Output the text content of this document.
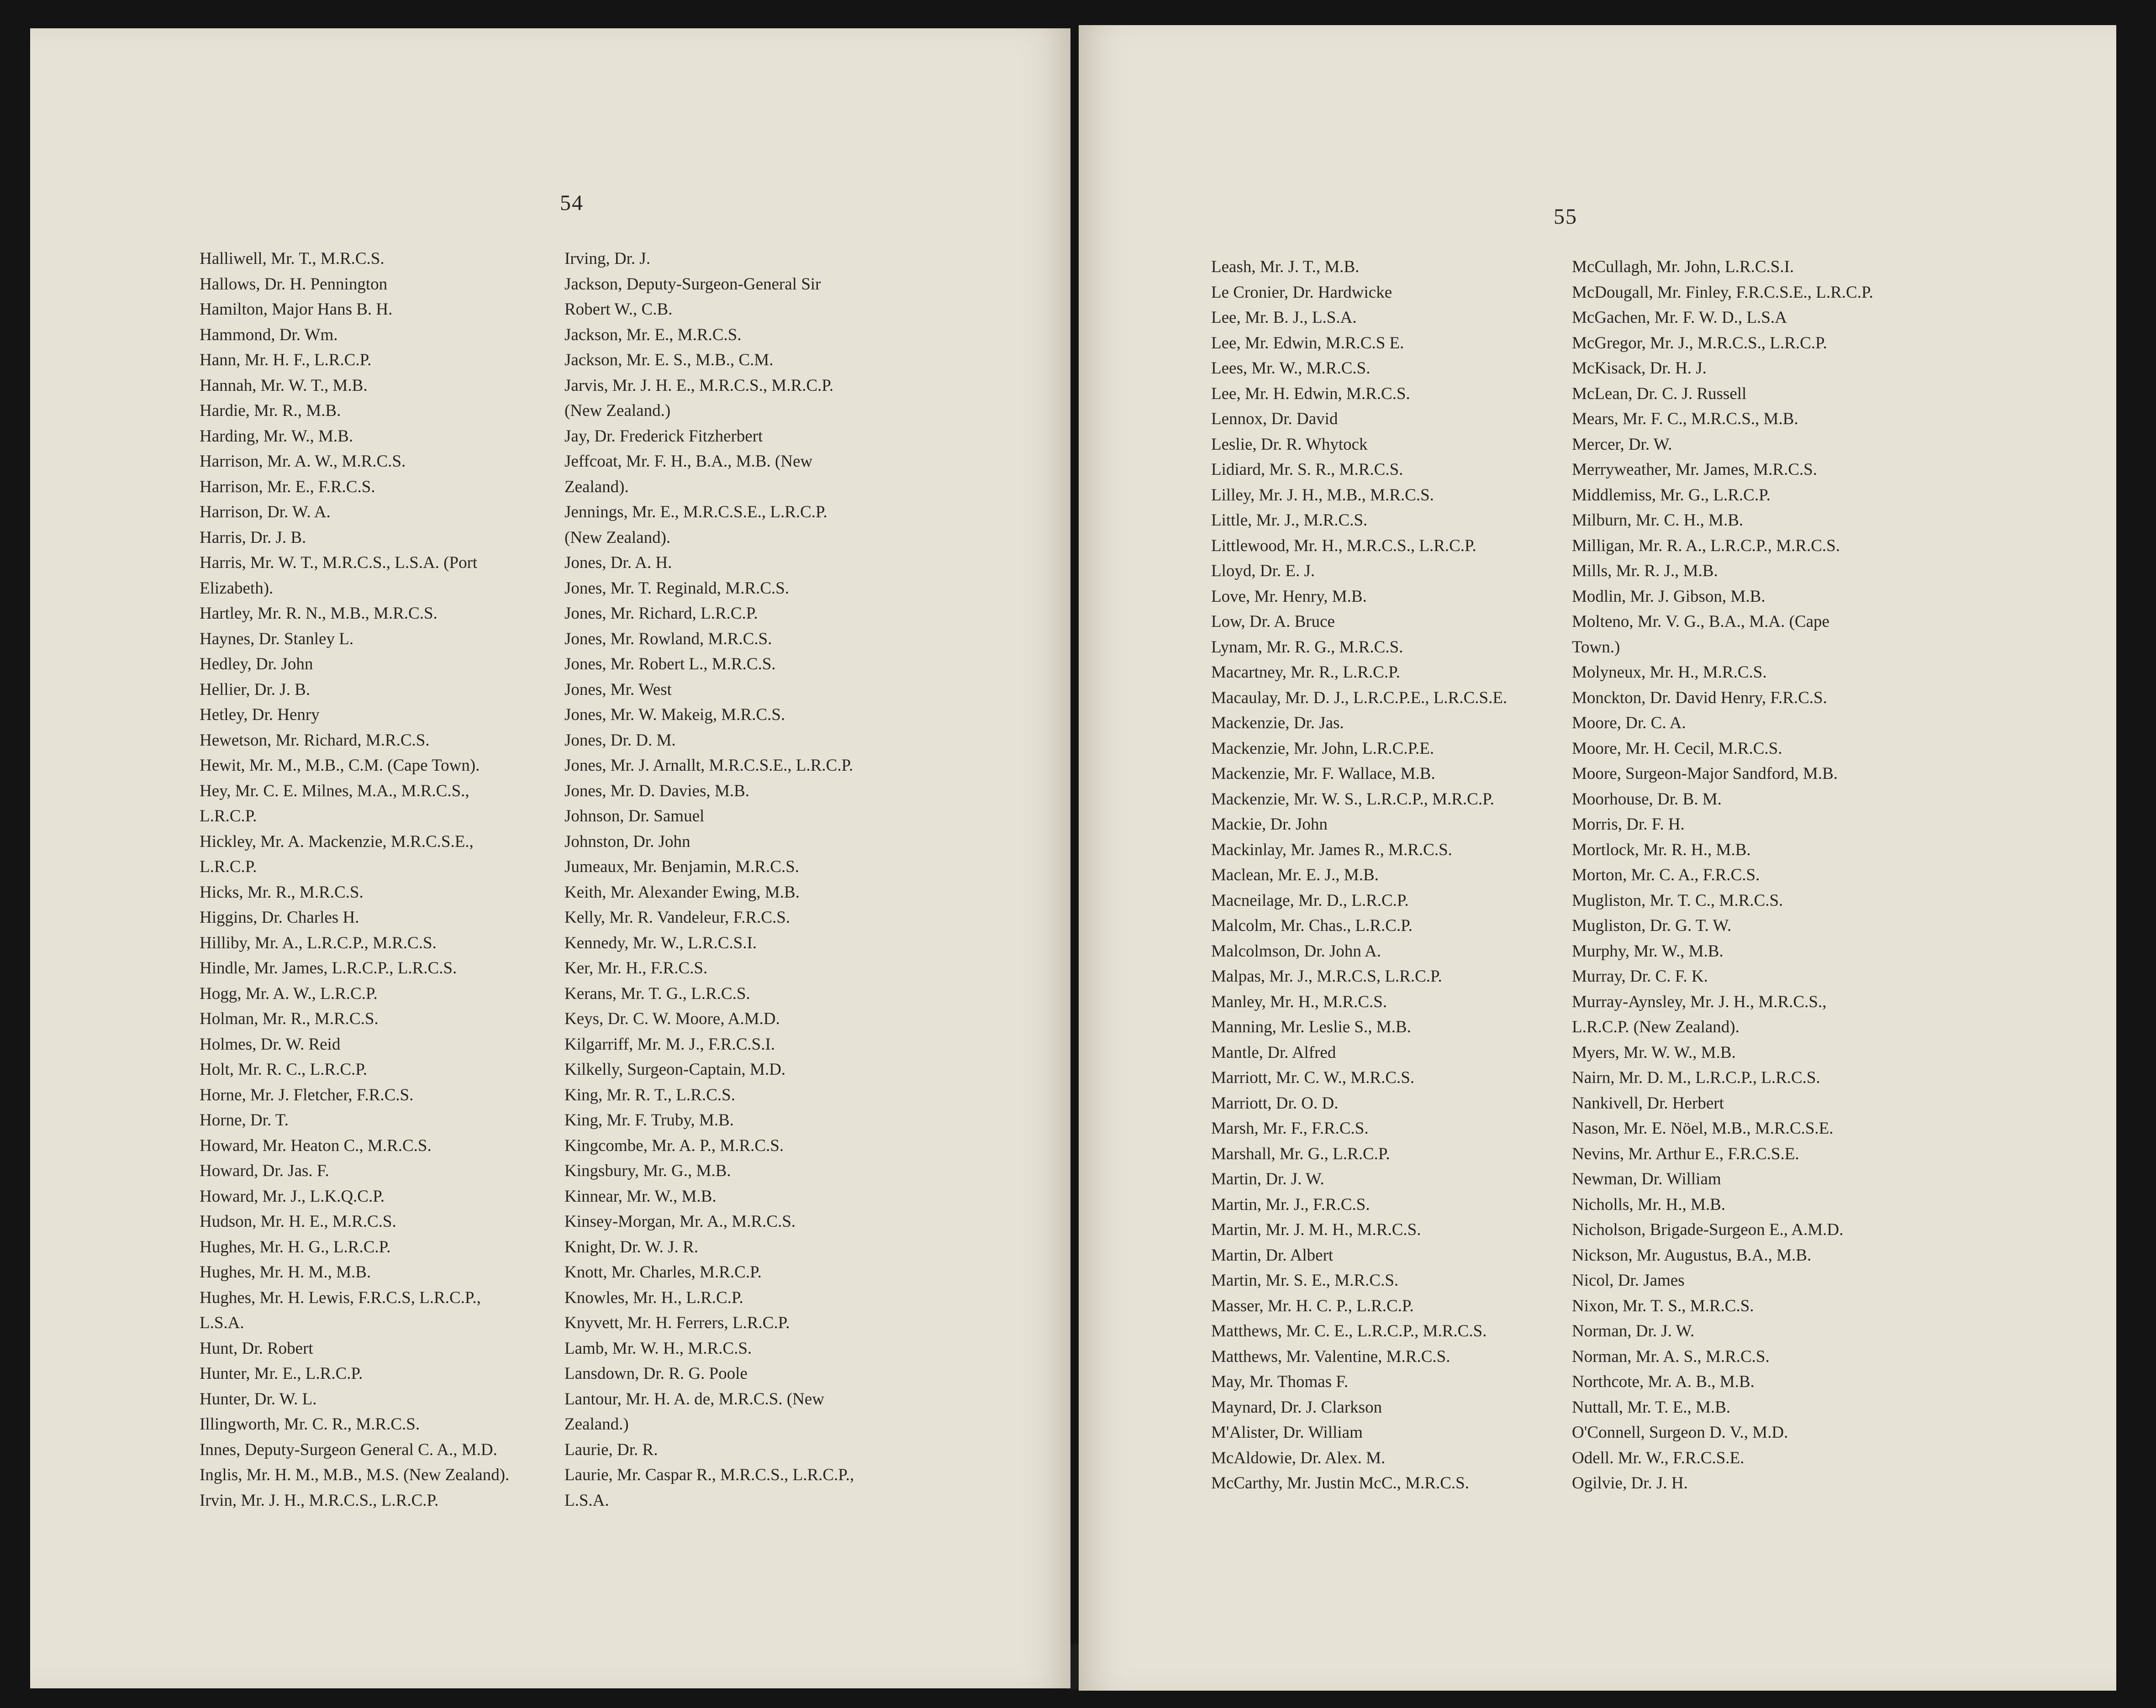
54
Halliwell, Mr. T., M.R.C.S.
Hallows, Dr. H. Pennington
Hamilton, Major Hans B. H.
Hammond, Dr. Wm.
Hann, Mr. H. F., L.R.C.P.
Hannah, Mr. W. T., M.B.
Hardie, Mr. R., M.B.
Harding, Mr. W., M.B.
Harrison, Mr. A. W., M.R.C.S.
Harrison, Mr. E., F.R.C.S.
Harrison, Dr. W. A.
Harris, Dr. J. B.
Harris, Mr. W. T., M.R.C.S., L.S.A. (Port
Elizabeth).
Hartley, Mr. R. N., M.B., M.R.C.S.
Haynes, Dr. Stanley L.
Hedley, Dr. John
Hellier, Dr. J. B.
Hetley, Dr. Henry
Hewetson, Mr. Richard, M.R.C.S.
Hewit, Mr. M., M.B., C.M. (Cape Town).
Hey, Mr. C. E. Milnes, M.A., M.R.C.S.,
L.R.C.P.
Hickley, Mr. A. Mackenzie, M.R.C.S.E.,
L.R.C.P.
Hicks, Mr. R., M.R.C.S.
Higgins, Dr. Charles H.
Hilliby, Mr. A., L.R.C.P., M.R.C.S.
Hindle, Mr. James, L.R.C.P., L.R.C.S.
Hogg, Mr. A. W., L.R.C.P.
Holman, Mr. R., M.R.C.S.
Holmes, Dr. W. Reid
Holt, Mr. R. C., L.R.C.P.
Horne, Mr. J. Fletcher, F.R.C.S.
Horne, Dr. T.
Howard, Mr. Heaton C., M.R.C.S.
Howard, Dr. Jas. F.
Howard, Mr. J., L.K.Q.C.P.
Hudson, Mr. H. E., M.R.C.S.
Hughes, Mr. H. G., L.R.C.P.
Hughes, Mr. H. M., M.B.
Hughes, Mr. H. Lewis, F.R.C.S, L.R.C.P.,
L.S.A.
Hunt, Dr. Robert
Hunter, Mr. E., L.R.C.P.
Hunter, Dr. W. L.
Illingworth, Mr. C. R., M.R.C.S.
Innes, Deputy-Surgeon General C. A., M.D.
Inglis, Mr. H. M., M.B., M.S. (New Zealand).
Irvin, Mr. J. H., M.R.C.S., L.R.C.P.
Irving, Dr. J.
Jackson, Deputy-Surgeon-General Sir
Robert W., C.B.
Jackson, Mr. E., M.R.C.S.
Jackson, Mr. E. S., M.B., C.M.
Jarvis, Mr. J. H. E., M.R.C.S., M.R.C.P.
(New Zealand.)
Jay, Dr. Frederick Fitzherbert
Jeffcoat, Mr. F. H., B.A., M.B. (New
Zealand).
Jennings, Mr. E., M.R.C.S.E., L.R.C.P.
(New Zealand).
Jones, Dr. A. H.
Jones, Mr. T. Reginald, M.R.C.S.
Jones, Mr. Richard, L.R.C.P.
Jones, Mr. Rowland, M.R.C.S.
Jones, Mr. Robert L., M.R.C.S.
Jones, Mr. West
Jones, Mr. W. Makeig, M.R.C.S.
Jones, Dr. D. M.
Jones, Mr. J. Arnallt, M.R.C.S.E., L.R.C.P.
Jones, Mr. D. Davies, M.B.
Johnson, Dr. Samuel
Johnston, Dr. John
Jumeaux, Mr. Benjamin, M.R.C.S.
Keith, Mr. Alexander Ewing, M.B.
Kelly, Mr. R. Vandeleur, F.R.C.S.
Kennedy, Mr. W., L.R.C.S.I.
Ker, Mr. H., F.R.C.S.
Kerans, Mr. T. G., L.R.C.S.
Keys, Dr. C. W. Moore, A.M.D.
Kilgarriff, Mr. M. J., F.R.C.S.I.
Kilkelly, Surgeon-Captain, M.D.
King, Mr. R. T., L.R.C.S.
King, Mr. F. Truby, M.B.
Kingcombe, Mr. A. P., M.R.C.S.
Kingsbury, Mr. G., M.B.
Kinnear, Mr. W., M.B.
Kinsey-Morgan, Mr. A., M.R.C.S.
Knight, Dr. W. J. R.
Knott, Mr. Charles, M.R.C.P.
Knowles, Mr. H., L.R.C.P.
Knyvett, Mr. H. Ferrers, L.R.C.P.
Lamb, Mr. W. H., M.R.C.S.
Lansdown, Dr. R. G. Poole
Lantour, Mr. H. A. de, M.R.C.S. (New
Zealand.)
Laurie, Dr. R.
Laurie, Mr. Caspar R., M.R.C.S., L.R.C.P.,
L.S.A.
55
Leash, Mr. J. T., M.B.
Le Cronier, Dr. Hardwicke
Lee, Mr. B. J., L.S.A.
Lee, Mr. Edwin, M.R.C.S E.
Lees, Mr. W., M.R.C.S.
Lee, Mr. H. Edwin, M.R.C.S.
Lennox, Dr. David
Leslie, Dr. R. Whytock
Lidiard, Mr. S. R., M.R.C.S.
Lilley, Mr. J. H., M.B., M.R.C.S.
Little, Mr. J., M.R.C.S.
Littlewood, Mr. H., M.R.C.S., L.R.C.P.
Lloyd, Dr. E. J.
Love, Mr. Henry, M.B.
Low, Dr. A. Bruce
Lynam, Mr. R. G., M.R.C.S.
Macartney, Mr. R., L.R.C.P.
Macaulay, Mr. D. J., L.R.C.P.E., L.R.C.S.E.
Mackenzie, Dr. Jas.
Mackenzie, Mr. John, L.R.C.P.E.
Mackenzie, Mr. F. Wallace, M.B.
Mackenzie, Mr. W. S., L.R.C.P., M.R.C.P.
Mackie, Dr. John
Mackinlay, Mr. James R., M.R.C.S.
Maclean, Mr. E. J., M.B.
Macneilage, Mr. D., L.R.C.P.
Malcolm, Mr. Chas., L.R.C.P.
Malcolmson, Dr. John A.
Malpas, Mr. J., M.R.C.S, L.R.C.P.
Manley, Mr. H., M.R.C.S.
Manning, Mr. Leslie S., M.B.
Mantle, Dr. Alfred
Marriott, Mr. C. W., M.R.C.S.
Marriott, Dr. O. D.
Marsh, Mr. F., F.R.C.S.
Marshall, Mr. G., L.R.C.P.
Martin, Dr. J. W.
Martin, Mr. J., F.R.C.S.
Martin, Mr. J. M. H., M.R.C.S.
Martin, Dr. Albert
Martin, Mr. S. E., M.R.C.S.
Masser, Mr. H. C. P., L.R.C.P.
Matthews, Mr. C. E., L.R.C.P., M.R.C.S.
Matthews, Mr. Valentine, M.R.C.S.
May, Mr. Thomas F.
Maynard, Dr. J. Clarkson
M'Alister, Dr. William
McAldowie, Dr. Alex. M.
McCarthy, Mr. Justin McC., M.R.C.S.
McCullagh, Mr. John, L.R.C.S.I.
McDougall, Mr. Finley, F.R.C.S.E., L.R.C.P.
McGachen, Mr. F. W. D., L.S.A
McGregor, Mr. J., M.R.C.S., L.R.C.P.
McKisack, Dr. H. J.
McLean, Dr. C. J. Russell
Mears, Mr. F. C., M.R.C.S., M.B.
Mercer, Dr. W.
Merryweather, Mr. James, M.R.C.S.
Middlemiss, Mr. G., L.R.C.P.
Milburn, Mr. C. H., M.B.
Milligan, Mr. R. A., L.R.C.P., M.R.C.S.
Mills, Mr. R. J., M.B.
Modlin, Mr. J. Gibson, M.B.
Molteno, Mr. V. G., B.A., M.A. (Cape
Town.)
Molyneux, Mr. H., M.R.C.S.
Monckton, Dr. David Henry, F.R.C.S.
Moore, Dr. C. A.
Moore, Mr. H. Cecil, M.R.C.S.
Moore, Surgeon-Major Sandford, M.B.
Moorhouse, Dr. B. M.
Morris, Dr. F. H.
Mortlock, Mr. R. H., M.B.
Morton, Mr. C. A., F.R.C.S.
Mugliston, Mr. T. C., M.R.C.S.
Mugliston, Dr. G. T. W.
Murphy, Mr. W., M.B.
Murray, Dr. C. F. K.
Murray-Aynsley, Mr. J. H., M.R.C.S.,
L.R.C.P. (New Zealand).
Myers, Mr. W. W., M.B.
Nairn, Mr. D. M., L.R.C.P., L.R.C.S.
Nankivell, Dr. Herbert
Nason, Mr. E. Nöel, M.B., M.R.C.S.E.
Nevins, Mr. Arthur E., F.R.C.S.E.
Newman, Dr. William
Nicholls, Mr. H., M.B.
Nicholson, Brigade-Surgeon E., A.M.D.
Nickson, Mr. Augustus, B.A., M.B.
Nicol, Dr. James
Nixon, Mr. T. S., M.R.C.S.
Norman, Dr. J. W.
Norman, Mr. A. S., M.R.C.S.
Northcote, Mr. A. B., M.B.
Nuttall, Mr. T. E., M.B.
O'Connell, Surgeon D. V., M.D.
Odell. Mr. W., F.R.C.S.E.
Ogilvie, Dr. J. H.
